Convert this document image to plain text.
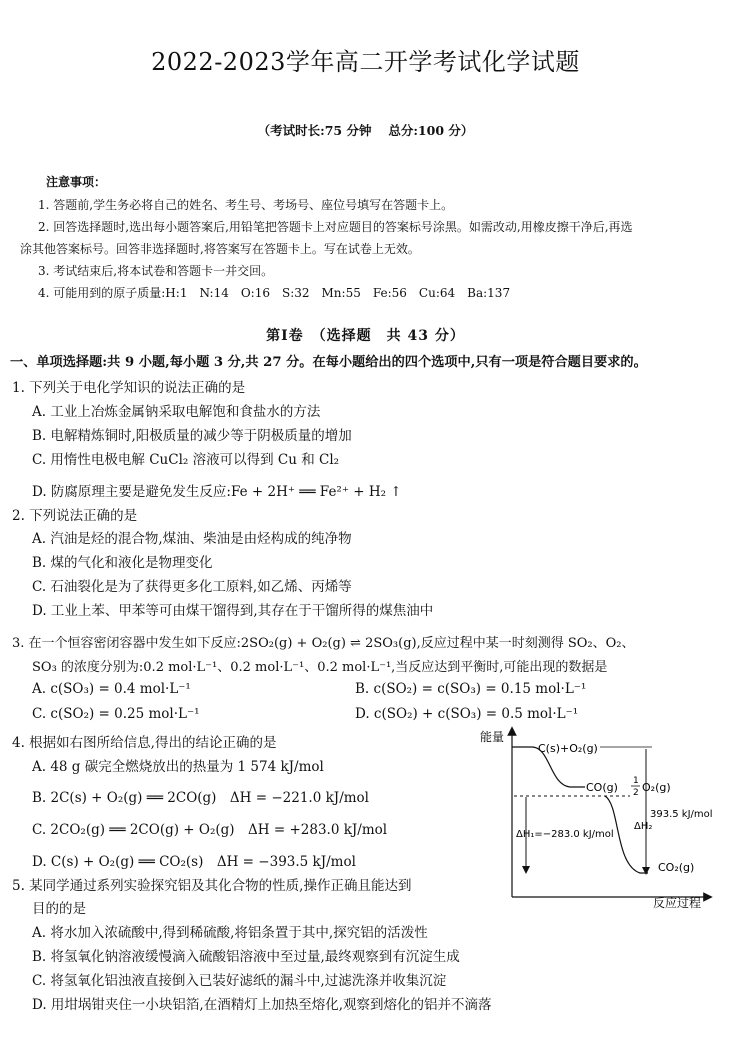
2022-2023学年高二开学考试化学试题
（考试时长:75 分钟　 总分:100 分）
注意事项：
1. 答题前,学生务必将自己的姓名、考生号、考场号、座位号填写在答题卡上。
2. 回答选择题时,选出每小题答案后,用铅笔把答题卡上对应题目的答案标号涂黑。如需改动,用橡皮擦干净后,再选
涂其他答案标号。回答非选择题时,将答案写在答题卡上。写在试卷上无效。
3. 考试结束后,将本试卷和答题卡一并交回。
4. 可能用到的原子质量:H:1　N:14　O:16　S:32　Mn:55　Fe:56　Cu:64　Ba:137
第Ⅰ卷　（选择题　共 43 分）
一、单项选择题:共 9 小题,每小题 3 分,共 27 分。在每小题给出的四个选项中,只有一项是符合题目要求的。
1. 下列关于电化学知识的说法正确的是
A. 工业上冶炼金属钠采取电解饱和食盐水的方法
B. 电解精炼铜时,阳极质量的减少等于阴极质量的增加
C. 用惰性电极电解 CuCl₂ 溶液可以得到 Cu 和 Cl₂
D. 防腐原理主要是避免发生反应:Fe + 2H⁺ ══ Fe²⁺ + H₂ ↑
2. 下列说法正确的是
A. 汽油是烃的混合物,煤油、柴油是由烃构成的纯净物
B. 煤的气化和液化是物理变化
C. 石油裂化是为了获得更多化工原料,如乙烯、丙烯等
D. 工业上苯、甲苯等可由煤干馏得到,其存在于干馏所得的煤焦油中
3. 在一个恒容密闭容器中发生如下反应:2SO₂(g) + O₂(g) ⇌ 2SO₃(g),反应过程中某一时刻测得 SO₂、O₂、
SO₃ 的浓度分别为:0.2 mol·L⁻¹、0.2 mol·L⁻¹、0.2 mol·L⁻¹,当反应达到平衡时,可能出现的数据是
A. c(SO₃) = 0.4 mol·L⁻¹	B. c(SO₂) = c(SO₃) = 0.15 mol·L⁻¹
C. c(SO₂) = 0.25 mol·L⁻¹	D. c(SO₂) + c(SO₃) = 0.5 mol·L⁻¹
4. 根据如右图所给信息,得出的结论正确的是
A. 48 g 碳完全燃烧放出的热量为 1 574 kJ/mol
B. 2C(s) + O₂(g) ══ 2CO(g)　ΔH = −221.0 kJ/mol
C. 2CO₂(g) ══ 2CO(g) + O₂(g)　ΔH = +283.0 kJ/mol
D. C(s) + O₂(g) ══ CO₂(s)　ΔH = −393.5 kJ/mol
5. 某同学通过系列实验探究铝及其化合物的性质,操作正确且能达到
目的的是
A. 将水加入浓硫酸中,得到稀硫酸,将铝条置于其中,探究铝的活泼性
B. 将氢氧化钠溶液缓慢滴入硫酸铝溶液中至过量,最终观察到有沉淀生成
C. 将氢氧化铝浊液直接倒入已装好滤纸的漏斗中,过滤洗涤并收集沉淀
D. 用坩埚钳夹住一小块铝箔,在酒精灯上加热至熔化,观察到熔化的铝并不滴落
能量
反应过程
C(s)+O₂(g)
CO(g) 1
2 O₂(g)
CO₂(g)
ΔH₁=−283.0 kJ/mol
ΔH₂
393.5 kJ/mol
